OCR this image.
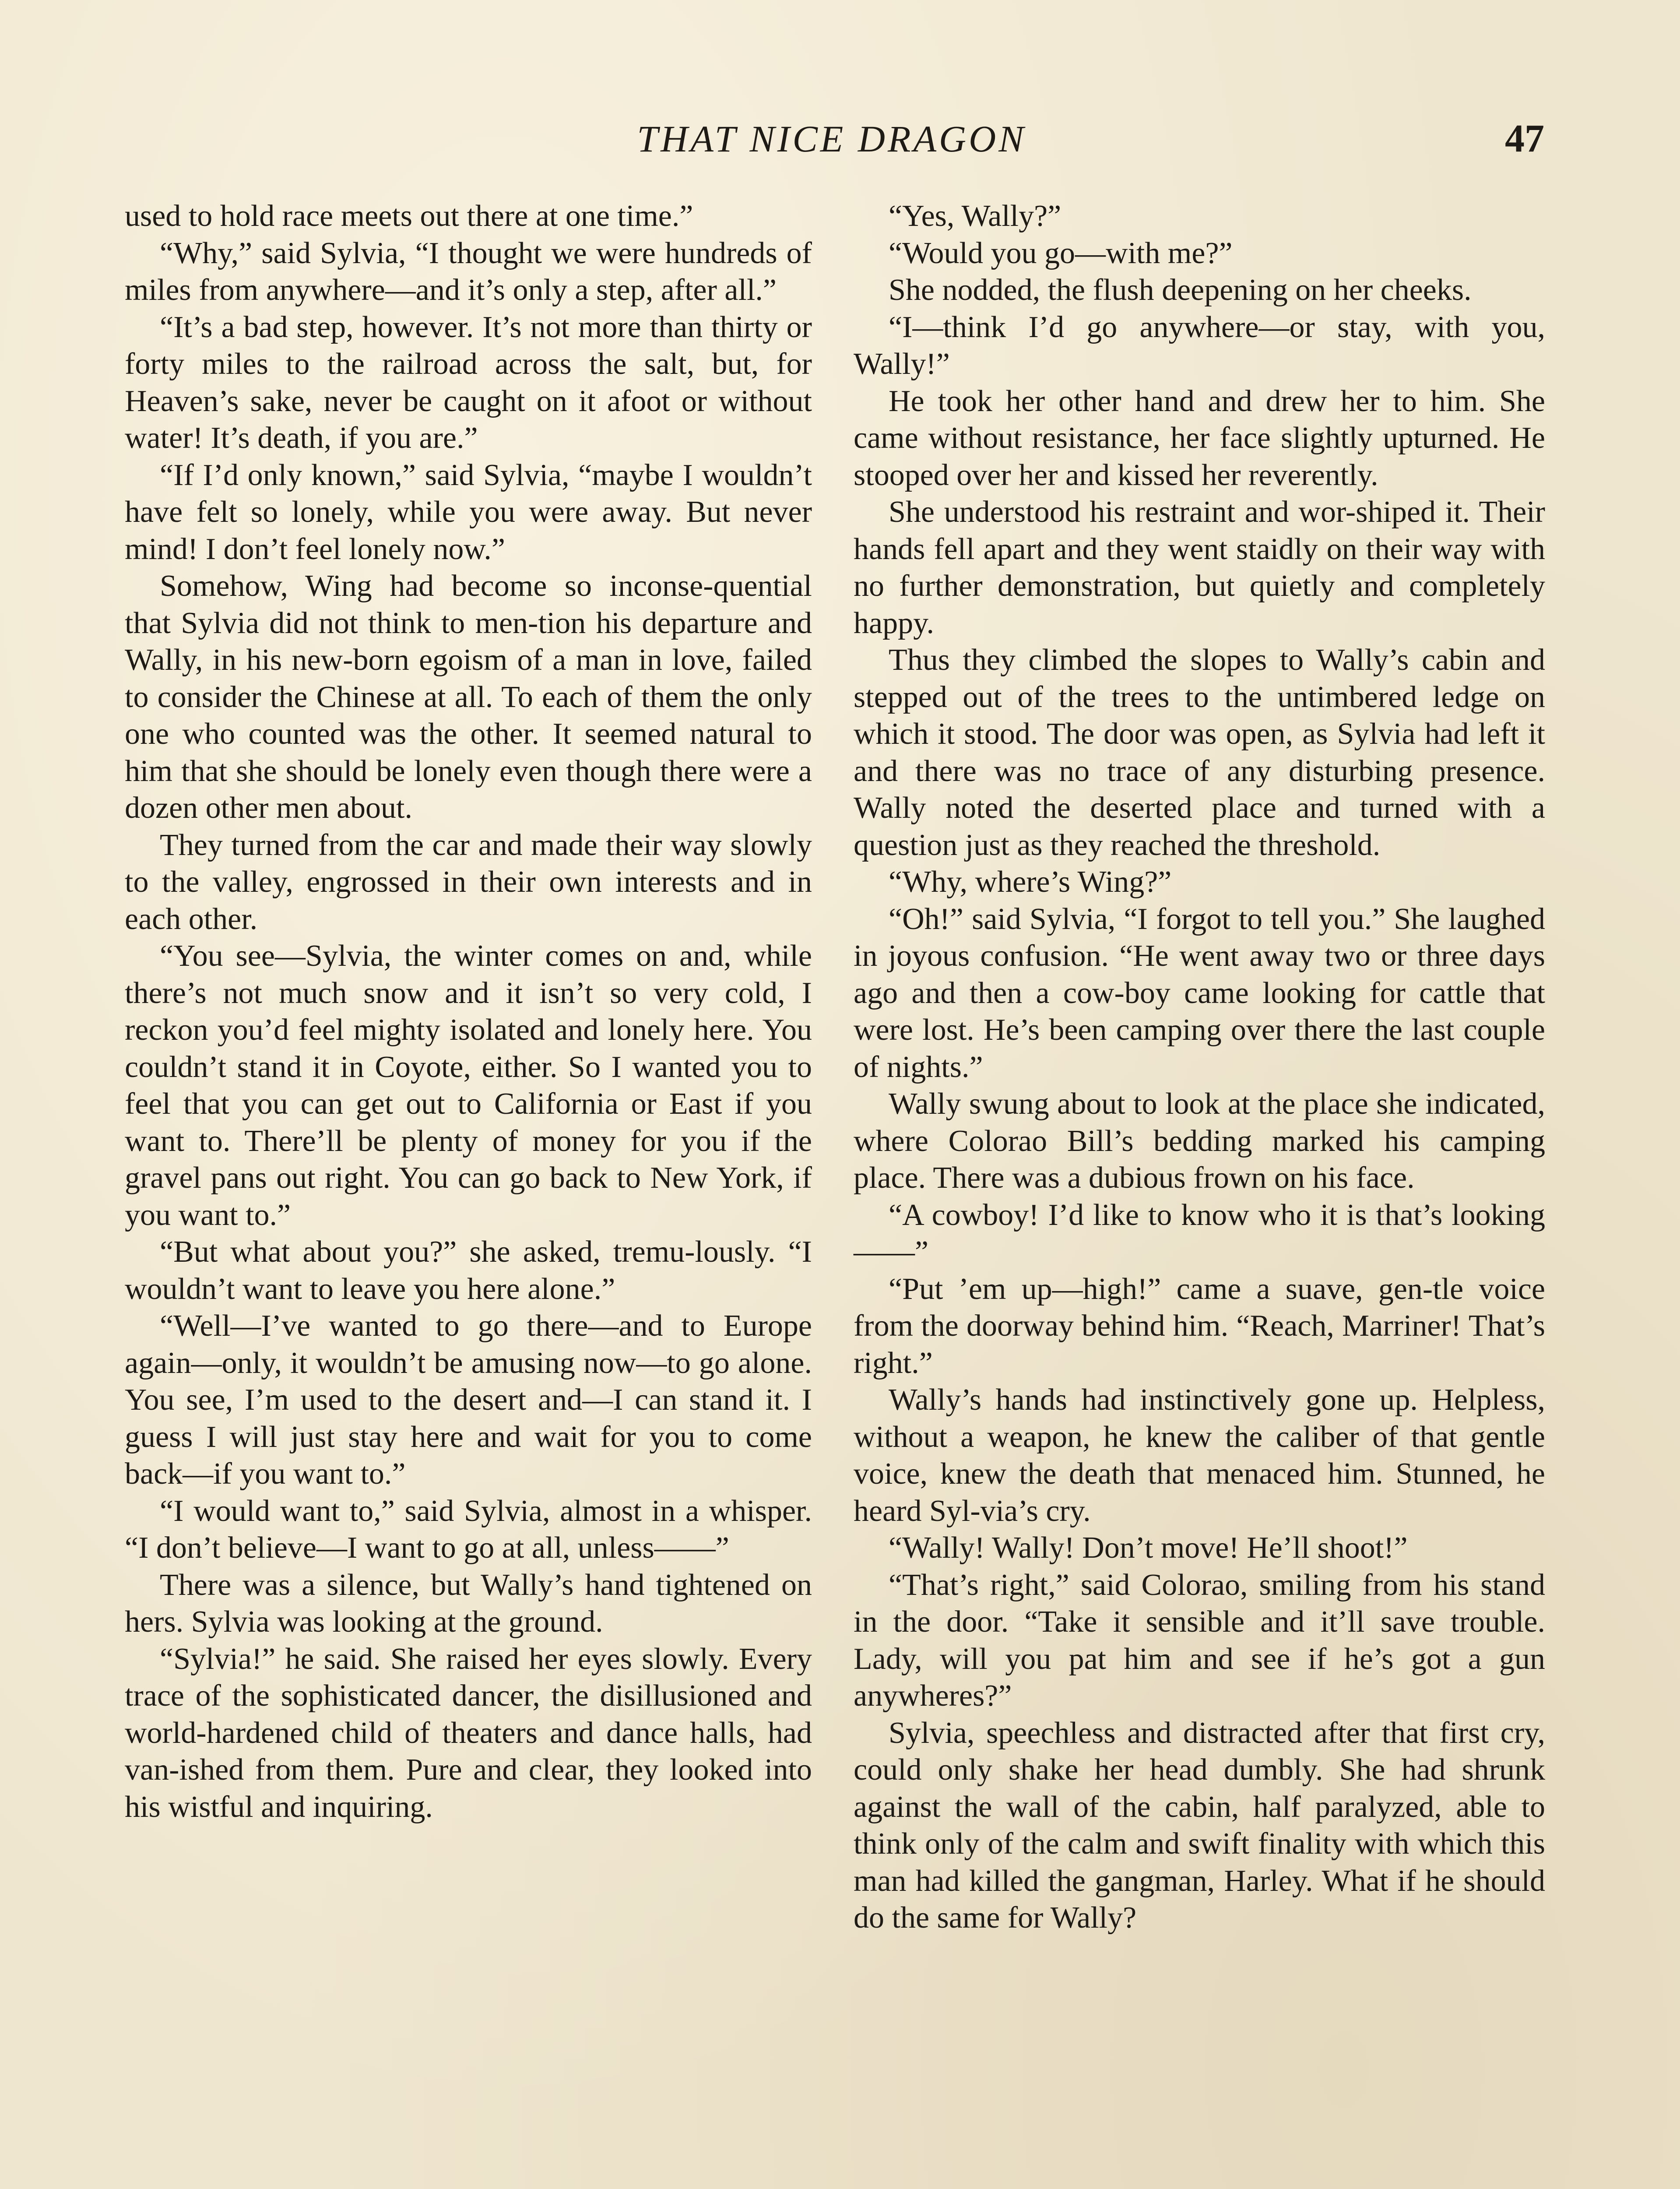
THAT NICE DRAGON	47

used to hold race meets out there at one time.”

“Why,” said Sylvia, “I thought we were hundreds of miles from anywhere—and it’s only a step, after all.”

“It’s a bad step, however. It’s not more than thirty or forty miles to the railroad across the salt, but, for Heaven’s sake, never be caught on it afoot or without water! It’s death, if you are.”

“If I’d only known,” said Sylvia, “maybe I wouldn’t have felt so lonely, while you were away. But never mind! I don’t feel lonely now.”

Somehow, Wing had become so inconse-quential that Sylvia did not think to men-tion his departure and Wally, in his new-born egoism of a man in love, failed to consider the Chinese at all. To each of them the only one who counted was the other. It seemed natural to him that she should be lonely even though there were a dozen other men about.

They turned from the car and made their way slowly to the valley, engrossed in their own interests and in each other.

“You see—Sylvia, the winter comes on and, while there’s not much snow and it isn’t so very cold, I reckon you’d feel mighty isolated and lonely here. You couldn’t stand it in Coyote, either. So I wanted you to feel that you can get out to California or East if you want to. There’ll be plenty of money for you if the gravel pans out right. You can go back to New York, if you want to.”

“But what about you?” she asked, tremu-lously. “I wouldn’t want to leave you here alone.”

“Well—I’ve wanted to go there—and to Europe again—only, it wouldn’t be amusing now—to go alone. You see, I’m used to the desert and—I can stand it. I guess I will just stay here and wait for you to come back—if you want to.”

“I would want to,” said Sylvia, almost in a whisper. “I don’t believe—I want to go at all, unless——”

There was a silence, but Wally’s hand tightened on hers. Sylvia was looking at the ground.

“Sylvia!” he said. She raised her eyes slowly. Every trace of the sophisticated dancer, the disillusioned and world-hardened child of theaters and dance halls, had van-ished from them. Pure and clear, they looked into his wistful and inquiring.

“Yes, Wally?”

“Would you go—with me?”

She nodded, the flush deepening on her cheeks.

“I—think I’d go anywhere—or stay, with you, Wally!”

He took her other hand and drew her to him. She came without resistance, her face slightly upturned. He stooped over her and kissed her reverently.

She understood his restraint and wor-shiped it. Their hands fell apart and they went staidly on their way with no further demonstration, but quietly and completely happy.

Thus they climbed the slopes to Wally’s cabin and stepped out of the trees to the untimbered ledge on which it stood. The door was open, as Sylvia had left it and there was no trace of any disturbing presence. Wally noted the deserted place and turned with a question just as they reached the threshold.

“Why, where’s Wing?”

“Oh!” said Sylvia, “I forgot to tell you.” She laughed in joyous confusion. “He went away two or three days ago and then a cow-boy came looking for cattle that were lost. He’s been camping over there the last couple of nights.”

Wally swung about to look at the place she indicated, where Colorao Bill’s bedding marked his camping place. There was a dubious frown on his face.

“A cowboy! I’d like to know who it is that’s looking——”

“Put ’em up—high!” came a suave, gen-tle voice from the doorway behind him. “Reach, Marriner! That’s right.”

Wally’s hands had instinctively gone up. Helpless, without a weapon, he knew the caliber of that gentle voice, knew the death that menaced him. Stunned, he heard Syl-via’s cry.

“Wally! Wally! Don’t move! He’ll shoot!”

“That’s right,” said Colorao, smiling from his stand in the door. “Take it sensible and it’ll save trouble. Lady, will you pat him and see if he’s got a gun anywheres?”

Sylvia, speechless and distracted after that first cry, could only shake her head dumbly. She had shrunk against the wall of the cabin, half paralyzed, able to think only of the calm and swift finality with which this man had killed the gangman, Harley. What if he should do the same for Wally?
